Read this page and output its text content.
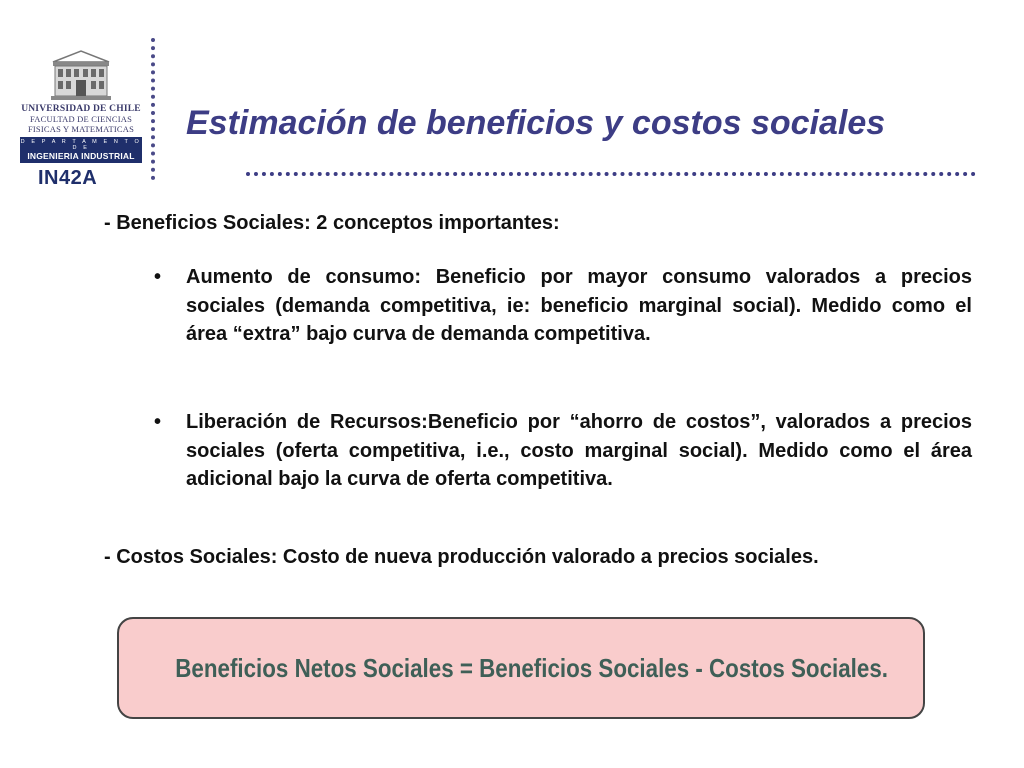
UNIVERSIDAD DE CHILE
FACULTAD DE CIENCIAS
FISICAS Y MATEMATICAS
D E P A R T A M E N T O D E
INGENIERIA INDUSTRIAL
IN42A
Estimación de beneficios y costos sociales
- Beneficios Sociales: 2 conceptos importantes:
• Aumento de consumo: Beneficio por mayor consumo valorados a precios sociales (demanda competitiva, ie: beneficio marginal social). Medido como el área “extra” bajo curva de demanda competitiva.
• Liberación de Recursos:Beneficio por “ahorro de costos”, valorados a precios sociales (oferta competitiva, i.e., costo marginal social). Medido como el área adicional bajo la curva de oferta competitiva.
- Costos Sociales: Costo de nueva producción valorado a precios sociales.
Beneficios Netos Sociales = Beneficios Sociales - Costos Sociales.
